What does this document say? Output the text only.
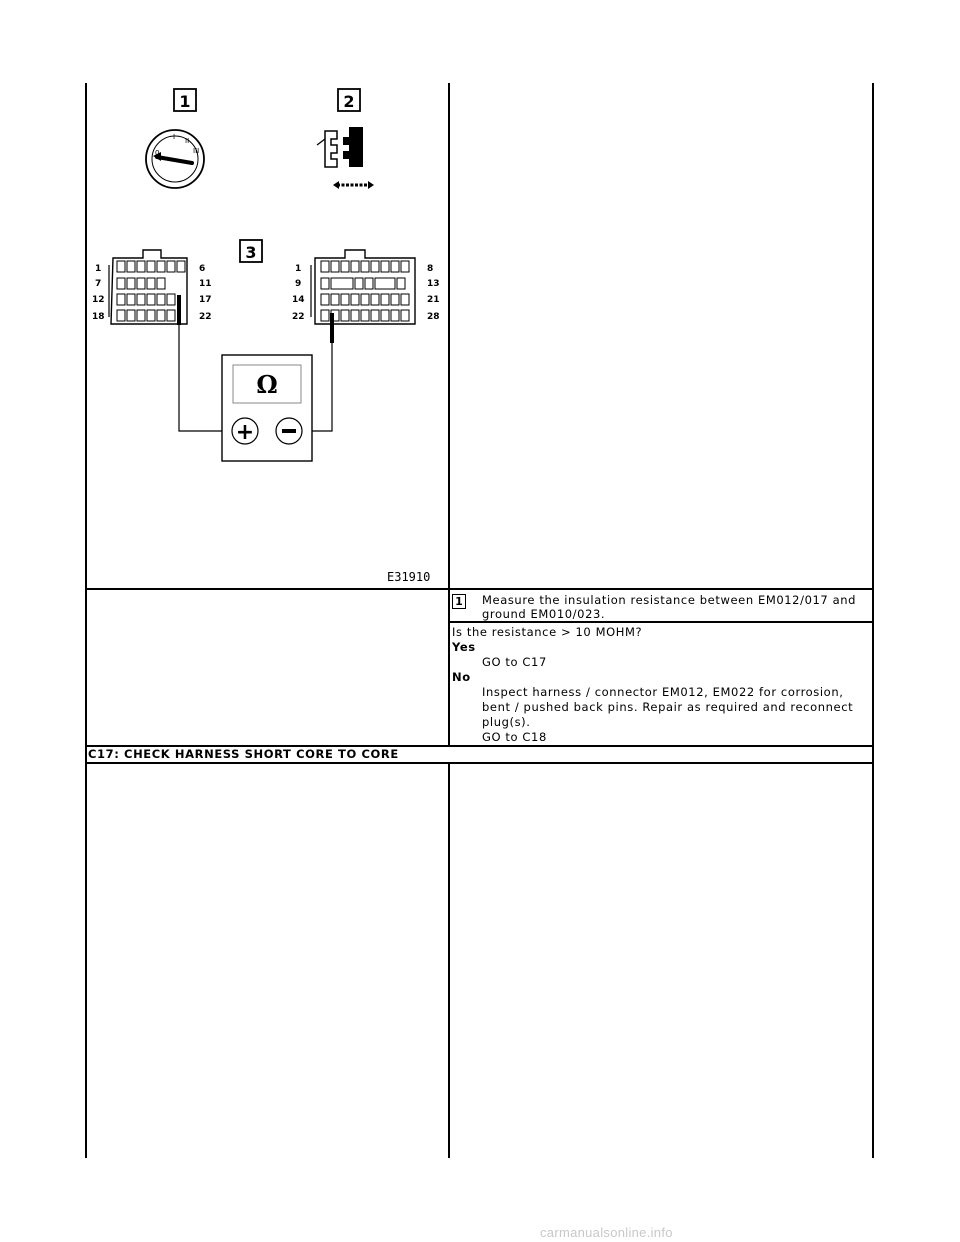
1	2
3
0
I II
III
1	6
7	11
12	17
18	22
1	8
9	13
14	21
22	28
Ω
+
E31910
1 Measure the insulation resistance between EM012/017 and
ground EM010/023.
Is the resistance > 10 MOHM?
Yes
GO to C17
No
Inspect harness / connector EM012, EM022 for corrosion,
bent / pushed back pins. Repair as required and reconnect
plug(s).
GO to C18
C17: CHECK HARNESS SHORT CORE TO CORE
carmanualsonline.info
